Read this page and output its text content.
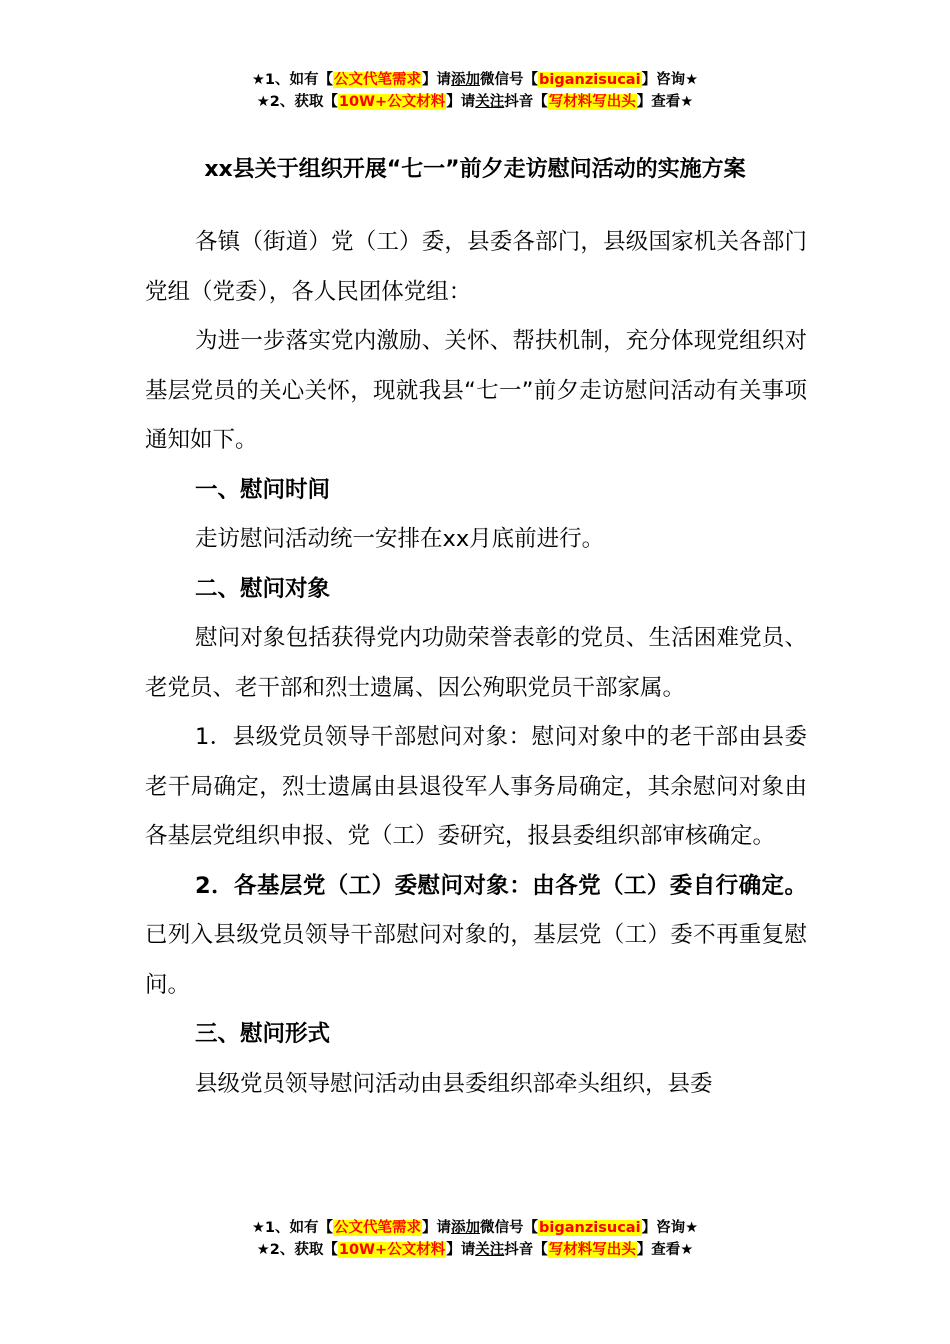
★1、如有【公文代笔需求】请添加微信号【biganzisucai】咨询★
★2、获取【10W+公文材料】请关注抖音【写材料写出头】查看★
xx县关于组织开展“七一”前夕走访慰问活动的实施方案

各镇（街道）党（工）委，县委各部门，县级国家机关各部门党组（党委），各人民团体党组：

为进一步落实党内激励、关怀、帮扶机制，充分体现党组织对基层党员的关心关怀，现就我县“七一”前夕走访慰问活动有关事项通知如下。

一、慰问时间

走访慰问活动统一安排在xx月底前进行。

二、慰问对象

慰问对象包括获得党内功勋荣誉表彰的党员、生活困难党员、老党员、老干部和烈士遗属、因公殉职党员干部家属。

1．县级党员领导干部慰问对象：慰问对象中的老干部由县委老干局确定，烈士遗属由县退役军人事务局确定，其余慰问对象由各基层党组织申报、党（工）委研究，报县委组织部审核确定。

2．各基层党（工）委慰问对象：由各党（工）委自行确定。已列入县级党员领导干部慰问对象的，基层党（工）委不再重复慰问。

三、慰问形式

县级党员领导慰问活动由县委组织部牵头组织，县委

★1、如有【公文代笔需求】请添加微信号【biganzisucai】咨询★
★2、获取【10W+公文材料】请关注抖音【写材料写出头】查看★
